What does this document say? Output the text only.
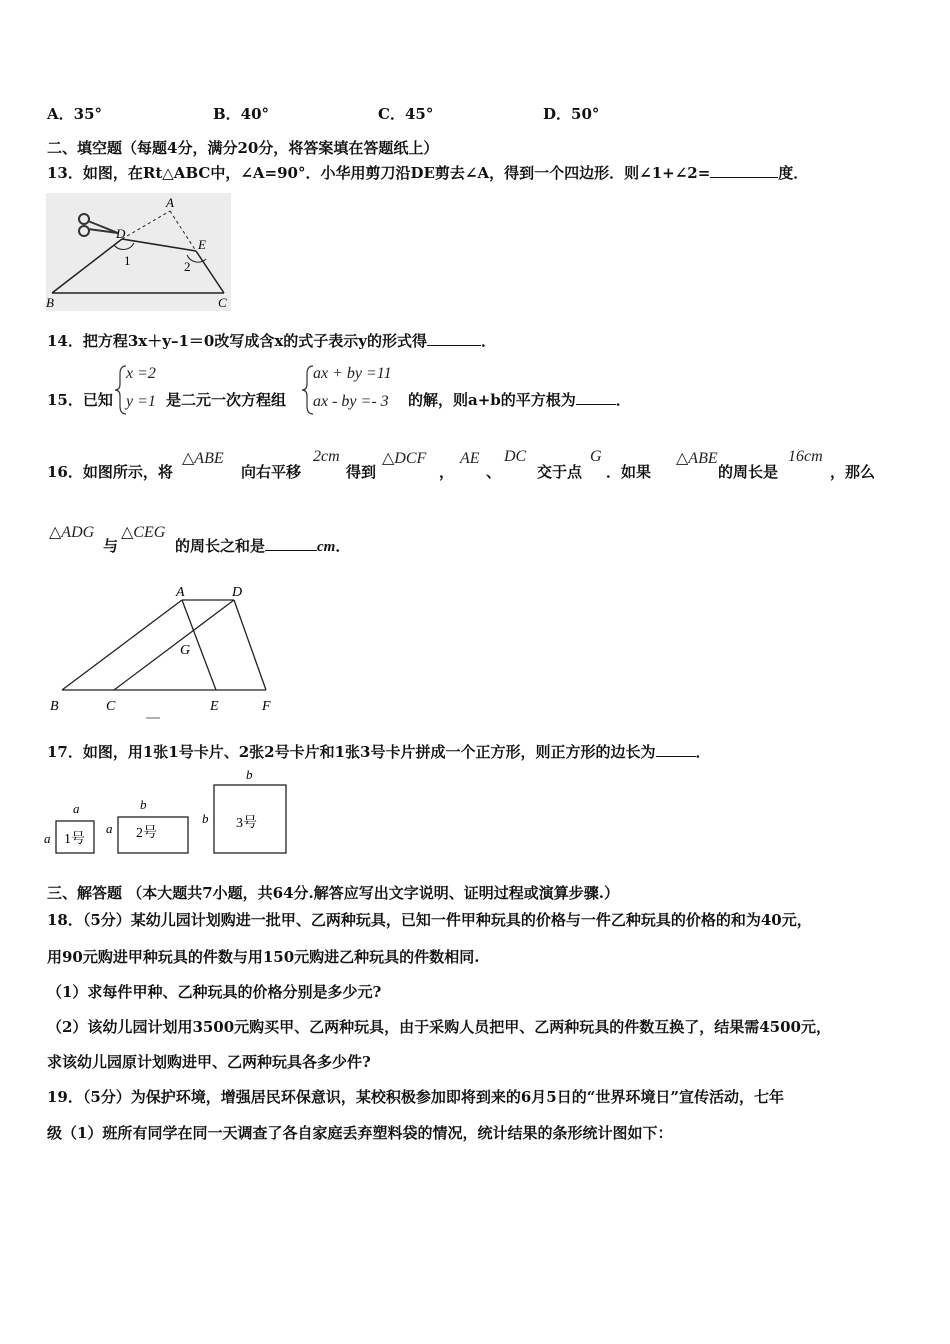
A．35°	B．40°	C．45°	D．50°
二、填空题（每题4分，满分20分，将答案填在答题纸上）
13．如图，在Rt△ABC中，∠A=90°．小华用剪刀沿DE剪去∠A，得到一个四边形．则∠1+∠2=	度．
A
D
E
1	2
B	C
14．把方程3x＋y–1＝0改写成含x的式子表示y的形式得	．
15．已知
x =2
y =1 是二元一次方程组
ax + by =11
ax - by =- 3 的解，则a+b的平方根为	．
16．如图所示，将
△ABE
向右平移
2cm
得到
△DCF
，
AE
、
DC
交于点
G
．如果
△ABE
的周长是
16cm
，那么
△ADG
与
△CEG
的周长之和是	cm．
A	D
G
B	C	E	F
17．如图，用1张1号卡片、2张2号卡片和1张3号卡片拼成一个正方形，则正方形的边长为	．
1号
a
a	2号
b
a	3号
b
b
三、解答题 （本大题共7小题，共64分.解答应写出文字说明、证明过程或演算步骤.）
18．（5分）某幼儿园计划购进一批甲、乙两种玩具，已知一件甲种玩具的价格与一件乙种玩具的价格的和为40元，
用90元购进甲种玩具的件数与用150元购进乙种玩具的件数相同.
（1）求每件甲种、乙种玩具的价格分别是多少元?
（2）该幼儿园计划用3500元购买甲、乙两种玩具，由于采购人员把甲、乙两种玩具的件数互换了，结果需4500元，
求该幼儿园原计划购进甲、乙两种玩具各多少件?
19．（5分）为保护环境，增强居民环保意识，某校积极参加即将到来的6月5日的“世界环境日”宣传活动，七年
级（1）班所有同学在同一天调查了各自家庭丢弃塑料袋的情况，统计结果的条形统计图如下：
